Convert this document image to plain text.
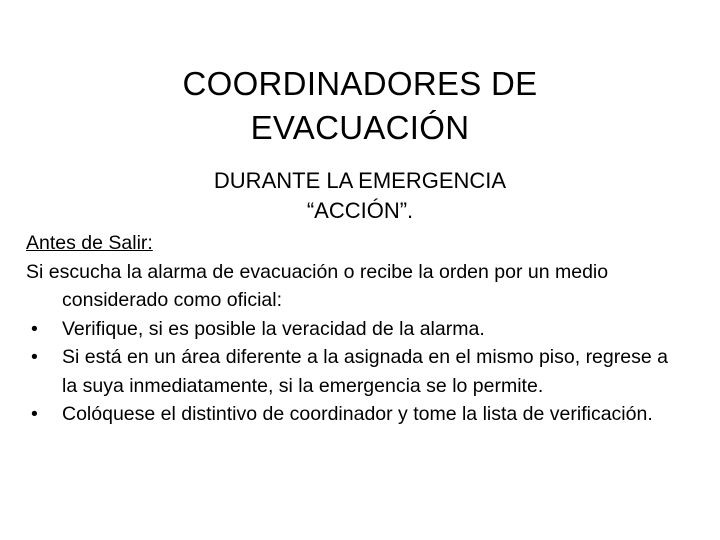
COORDINADORES DE
EVACUACIÓN
DURANTE LA EMERGENCIA
“ACCIÓN”.
Antes de Salir:
Si escucha la alarma de evacuación o recibe la orden por un medio considerado como oficial:
• Verifique, si es posible la veracidad de la alarma.
• Si está en un área diferente a la asignada en el mismo piso, regrese a la suya inmediatamente, si la emergencia se lo permite.
• Colóquese el distintivo de coordinador y tome la lista de verificación.
